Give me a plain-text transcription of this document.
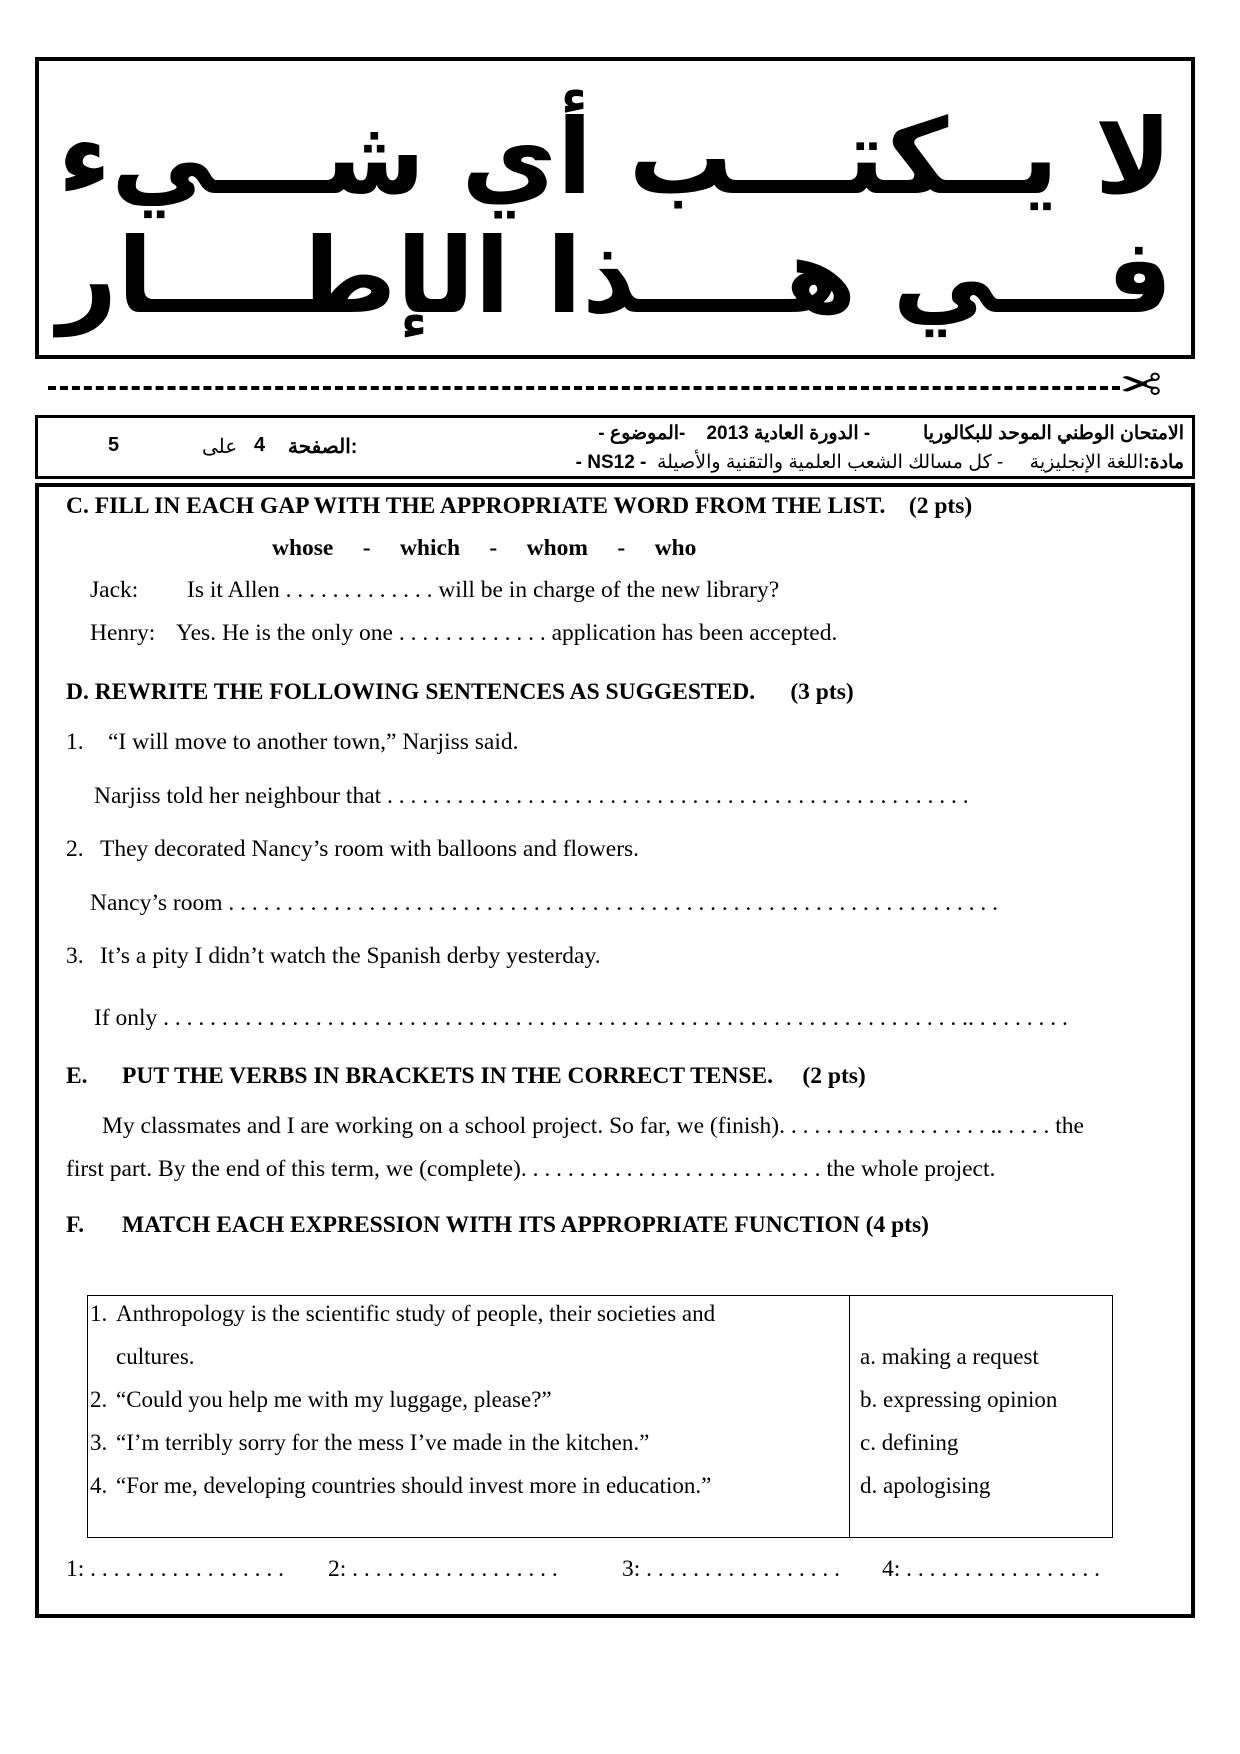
لا يــكتـــب أي شـــيء
فـــي هــــذا الإطــــار
✂
الامتحان الوطني الموحد للبكالوريا          - الدورة العادية 2013    -الموضوع -
مادة:اللغة الإنجليزية     - كل مسالك الشعب العلمية والتقنية والأصيلة  - NS12 -
الصفحة:
4
على
5
C. FILL IN EACH GAP WITH THE APPROPRIATE WORD FROM THE LIST. (2 pts)
whose - which - whom - who
Jack: Is it Allen . . . . . . . . . . . . . will be in charge of the new library?
Henry: Yes. He is the only one . . . . . . . . . . . . . application has been accepted.
D. REWRITE THE FOLLOWING SENTENCES AS SUGGESTED. (3 pts)
1. “I will move to another town,” Narjiss said.
Narjiss told her neighbour that . . . . . . . . . . . . . . . . . . . . . . . . . . . . . . . . . . . . . . . . . . . . . . . . . .
2. They decorated Nancy’s room with balloons and flowers.
Nancy’s room . . . . . . . . . . . . . . . . . . . . . . . . . . . . . . . . . . . . . . . . . . . . . . . . . . . . . . . . . . . . . . . . . .
3. It’s a pity I didn’t watch the Spanish derby yesterday.
If only . . . . . . . . . . . . . . . . . . . . . . . . . . . . . . . . . . . . . . . . . . . . . . . . . . . . . . . . . . . . . . . . . . . . .. . . . . . . . .
E. PUT THE VERBS IN BRACKETS IN THE CORRECT TENSE. (2 pts)
My classmates and I are working on a school project. So far, we (finish). . . . . . . . . . . . . . . . . . .. . . . . the
first part. By the end of this term, we (complete). . . . . . . . . . . . . . . . . . . . . . . . . . the whole project.
F. MATCH EACH EXPRESSION WITH ITS APPROPRIATE FUNCTION (4 pts)
1. Anthropology is the scientific study of people, their societies and
cultures.
2. “Could you help me with my luggage, please?”
3. “I’m terribly sorry for the mess I’ve made in the kitchen.”
4. “For me, developing countries should invest more in education.”
a. making a request
b. expressing opinion
c. defining
d. apologising
1: . . . . . . . . . . . . . . . . . 2: . . . . . . . . . . . . . . . . . .	3: . . . . . . . . . . . . . . . . . 4: . . . . . . . . . . . . . . . . .
